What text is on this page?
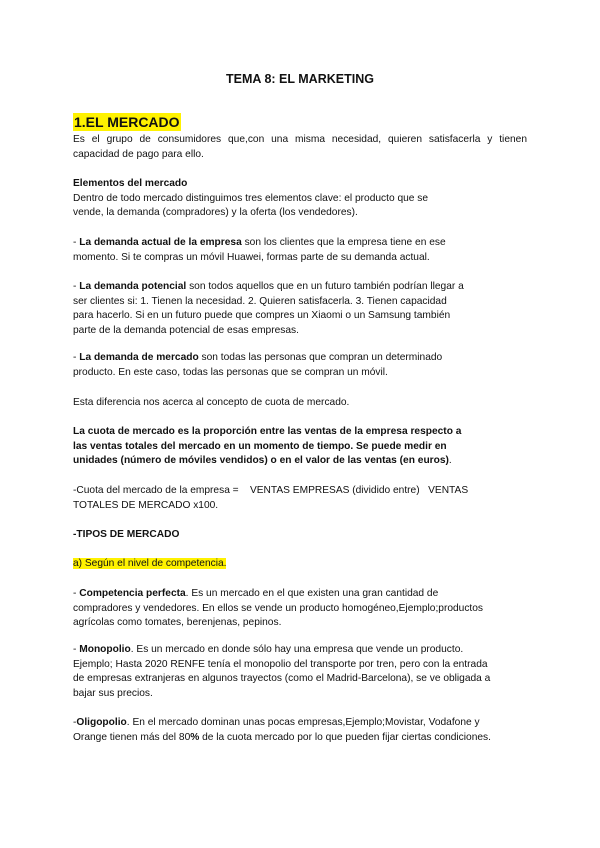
TEMA 8: EL MARKETING
1.EL MERCADO

Es el grupo de consumidores que,con una misma necesidad, quieren satisfacerla y tienen capacidad de pago para ello.

Elementos del mercado

Dentro de todo mercado distinguimos tres elementos clave: el producto que se

vende, la demanda (compradores) y la oferta (los vendedores).

- La demanda actual de la empresa son los clientes que la empresa tiene en ese

momento. Si te compras un móvil Huawei, formas parte de su demanda actual.

- La demanda potencial son todos aquellos que en un futuro también podrían llegar a

ser clientes si: 1. Tienen la necesidad. 2. Quieren satisfacerla. 3. Tienen capacidad

para hacerlo. Si en un futuro puede que compres un Xiaomi o un Samsung también

parte de la demanda potencial de esas empresas.

- La demanda de mercado son todas las personas que compran un determinado

producto. En este caso, todas las personas que se compran un móvil.

Esta diferencia nos acerca al concepto de cuota de mercado.

La cuota de mercado es la proporción entre las ventas de la empresa respecto a

las ventas totales del mercado en un momento de tiempo. Se puede medir en

unidades (número de móviles vendidos) o en el valor de las ventas (en euros).

-Cuota del mercado de la empresa =    VENTAS EMPRESAS (dividido entre)   VENTAS

TOTALES DE MERCADO x100.

-TIPOS DE MERCADO

a) Según el nivel de competencia.

- Competencia perfecta. Es un mercado en el que existen una gran cantidad de

compradores y vendedores. En ellos se vende un producto homogéneo,Ejemplo;productos

agrícolas como tomates, berenjenas, pepinos.

- Monopolio. Es un mercado en donde sólo hay una empresa que vende un producto.

Ejemplo; Hasta 2020 RENFE tenía el monopolio del transporte por tren, pero con la entrada

de empresas extranjeras en algunos trayectos (como el Madrid-Barcelona), se ve obligada a

bajar sus precios.

-Oligopolio. En el mercado dominan unas pocas empresas,Ejemplo;Movistar, Vodafone y

Orange tienen más del 80% de la cuota mercado por lo que pueden fijar ciertas condiciones.
